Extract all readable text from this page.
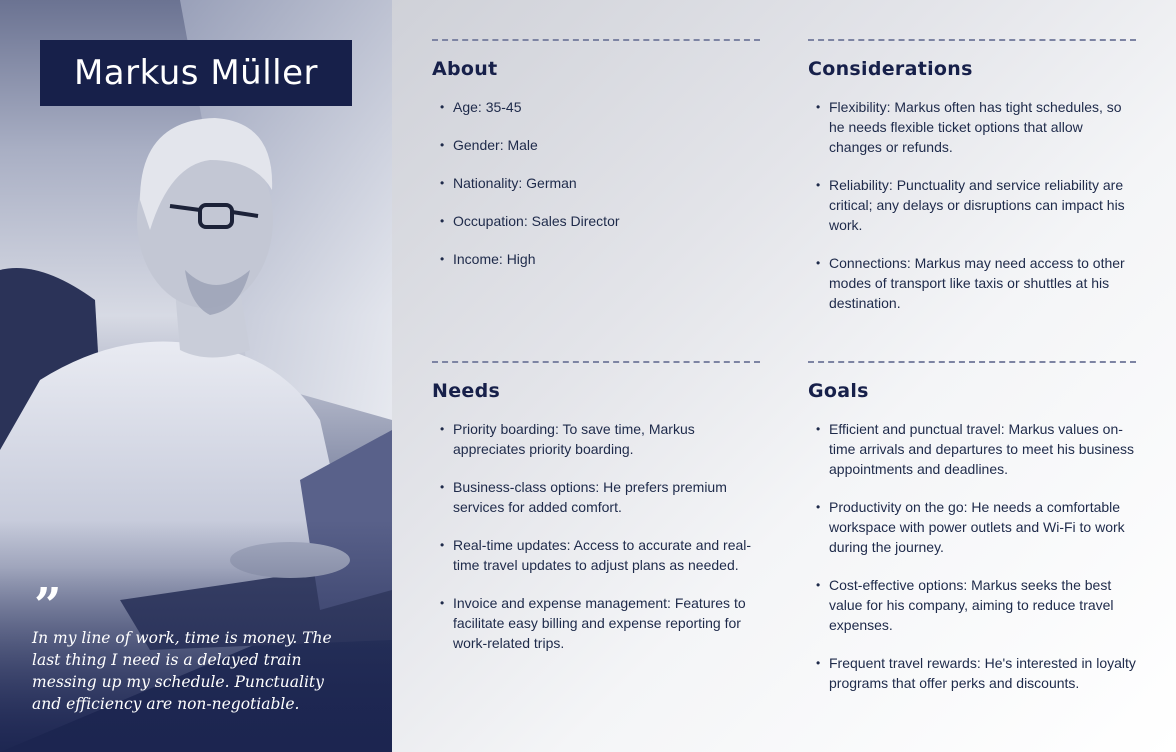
Markus Müller
”
In my line of work, time is money. The last thing I need is a delayed train messing up my schedule. Punctuality and efficiency are non-negotiable.
About
• Age: 35-45
• Gender: Male
• Nationality: German
• Occupation: Sales Director
• Income: High
Considerations
• Flexibility: Markus often has tight schedules, so he needs flexible ticket options that allow changes or refunds.
• Reliability: Punctuality and service reliability are critical; any delays or disruptions can impact his work.
• Connections: Markus may need access to other modes of transport like taxis or shuttles at his destination.
Needs
• Priority boarding: To save time, Markus appreciates priority boarding.
• Business-class options: He prefers premium services for added comfort.
• Real-time updates: Access to accurate and real-time travel updates to adjust plans as needed.
• Invoice and expense management: Features to facilitate easy billing and expense reporting for work-related trips.
Goals
• Efficient and punctual travel: Markus values on-time arrivals and departures to meet his business appointments and deadlines.
• Productivity on the go: He needs a comfortable workspace with power outlets and Wi-Fi to work during the journey.
• Cost-effective options: Markus seeks the best value for his company, aiming to reduce travel expenses.
• Frequent travel rewards: He's interested in loyalty programs that offer perks and discounts.
